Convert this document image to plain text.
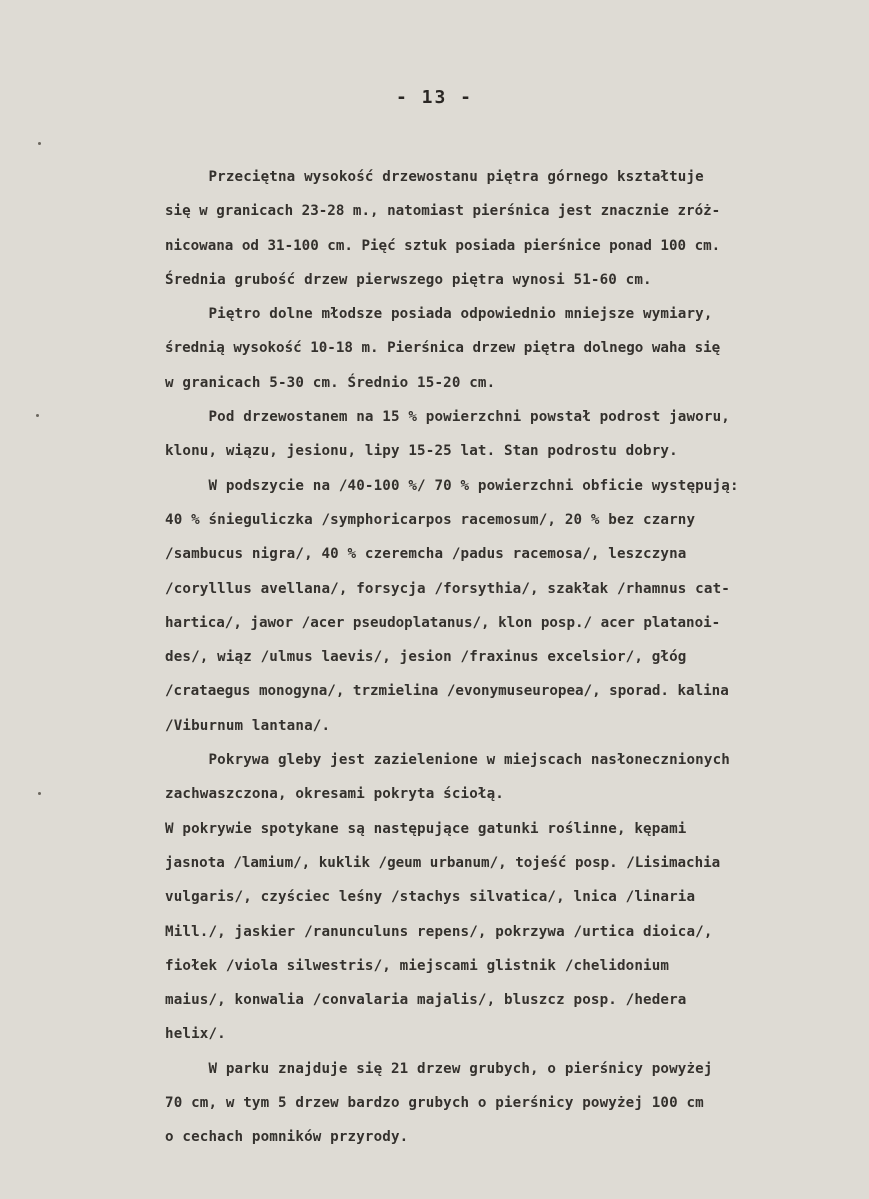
- 13 -
Przeciętna wysokość drzewostanu piętra górnego kształtuje
się w granicach 23-28 m., natomiast pierśnica jest znacznie zróż-
nicowana od 31-100 cm. Pięć sztuk posiada pierśnice ponad 100 cm.
Średnia grubość drzew pierwszego piętra wynosi 51-60 cm.
Piętro dolne młodsze posiada odpowiednio mniejsze wymiary,
średnią wysokość 10-18 m. Pierśnica drzew piętra dolnego waha się
w granicach 5-30 cm. Średnio 15-20 cm.
Pod drzewostanem na 15 % powierzchni powstał podrost jaworu,
klonu, wiązu, jesionu, lipy 15-25 lat. Stan podrostu dobry.
W podszycie na /40-100 %/ 70 % powierzchni obficie występują:
40 % śnieguliczka /symphoricarpos racemosum/, 20 % bez czarny
/sambucus nigra/, 40 % czeremcha /padus racemosa/, leszczyna
/corylllus avellana/, forsycja /forsythia/, szakłak /rhamnus cat-
hartica/, jawor /acer pseudoplatanus/, klon posp./ acer platanoi-
des/, wiąz /ulmus laevis/, jesion /fraxinus excelsior/, głóg
/crataegus monogyna/, trzmielina /evonymuseuropea/, sporad. kalina
/Viburnum lantana/.
Pokrywa gleby jest zazielenione w miejscach nasłonecznionych
zachwaszczona, okresami pokryta ściołą.
W pokrywie spotykane są następujące gatunki roślinne, kępami
jasnota /lamium/, kuklik /geum urbanum/, tojeść posp. /Lisimachia
vulgaris/, czyściec leśny /stachys silvatica/, lnica /linaria
Mill./, jaskier /ranunculuns repens/, pokrzywa /urtica dioica/,
fiołek /viola silwestris/, miejscami glistnik /chelidonium
maius/, konwalia /convalaria majalis/, bluszcz posp. /hedera
helix/.
W parku znajduje się 21 drzew grubych, o pierśnicy powyżej
70 cm, w tym 5 drzew bardzo grubych o pierśnicy powyżej 100 cm
o cechach pomników przyrody.
